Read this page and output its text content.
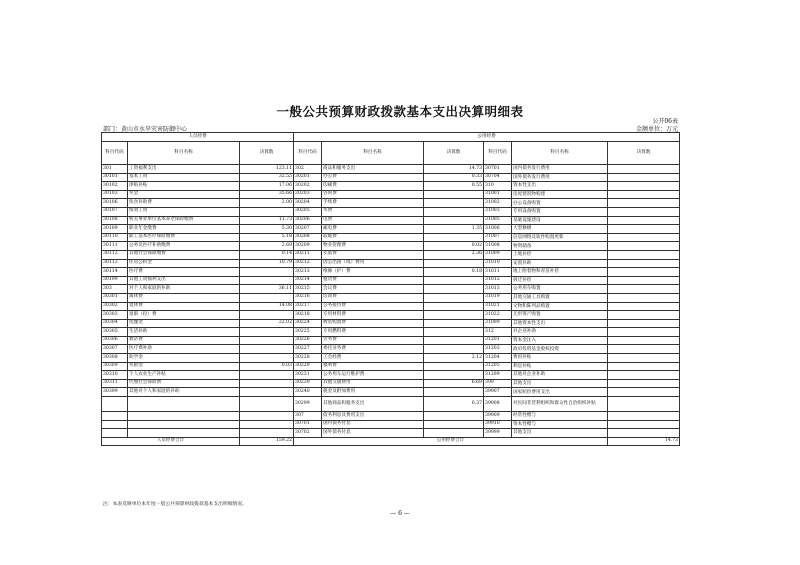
一般公共预算财政拨款基本支出决算明细表
公开06表
部门：黄山市水旱灾害防御中心	金额单位：万元
人员经费			公用经费					
科目代码	科目名称	决算数	科目代码	科目名称	决算数	科目代码	科目名称	决算数
301	工资福利支出	123.11	302	商品和服务支出	14.73	30701	国内债务发行费用	
30101	基本工资	32.55	30201	办公费	0.33	30704	国外债务发行费用	
30102	津贴补贴	17.06	30202	印刷费	0.55	310	资本性支出	
30103	奖金	35.66	30203	咨询费		31001	房屋建筑物购建	
30106	伙食补助费	2.00	30204	手续费		31002	办公设备购置	
30107	绩效工资		30205	水费		31003	专用设备购置	
30108	机关事业单位基本养老保险缴费	11.73	30206	电费		31005	基础设施建设	
30109	职业年金缴费	5.30	30207	邮电费	1.35	31006	大型修缮	
30110	职工基本医疗保险缴费	5.18	30208	取暖费		31007	信息网络及软件购置更新	
30111	公务员医疗补助缴费	2.69	30209	物业管理费	0.02	31008	物资储备	
30112	其他社会保障缴费	0.14	30211	差旅费	2.36	31009	土地补偿	
30113	住房公积金	10.79	30212	因公出国（境）费用		31010	安置补助	
30114	医疗费		30213	维修（护）费	0.18	31011	地上附着物和青苗补偿	
30199	其他工资福利支出		30214	租赁费		31012	拆迁补偿	
303	对个人和家庭的补助	36.11	30215	会议费		31013	公务用车购置	
30301	离休费		30216	培训费		31019	其他交通工具购置	
30302	退休费	14.08	30217	公务接待费		31021	文物和陈列品购置	
30303	退职（役）费		30218	专用材料费		31022	无形资产购置	
30304	抚恤金	22.02	30224	被装购置费		31099	其他资本性支出	
30305	生活补助		30225	专用燃料费		312	对企业补助	
30306	救济费		30226	劳务费		31201	资本金注入	
30307	医疗费补助		30227	委托业务费		31203	政府投资基金股权投资	
30308	助学金		30228	工会经费	2.12	31204	费用补贴	
30309	奖励金	0.03	30229	福利费		31205	利息补贴	
30310	个人农业生产补贴		30231	公务用车运行维护费		31299	其他对企业补助	
30311	代缴社会保险费		30239	其他交通费用	6.69	399	其他支出	
30399	其他对个人和家庭的补助		30240	税金及附加费用		39907	国家赔偿费用支出	
			30299	其他商品和服务支出	0.37	39908	对民间非营利组织和群众性自治组织补贴	
			307	债务利息及费用支出		39909	经常性赠与	
			30701	国内债务付息		39910	资本性赠与	
			30702	国外债务付息		39999	其他支出	
人员经费合计		159.22	公用经费合计					14.73
注：本表反映单位本年度一般公共预算财政拨款基本支出明细情况。
— 6 —
